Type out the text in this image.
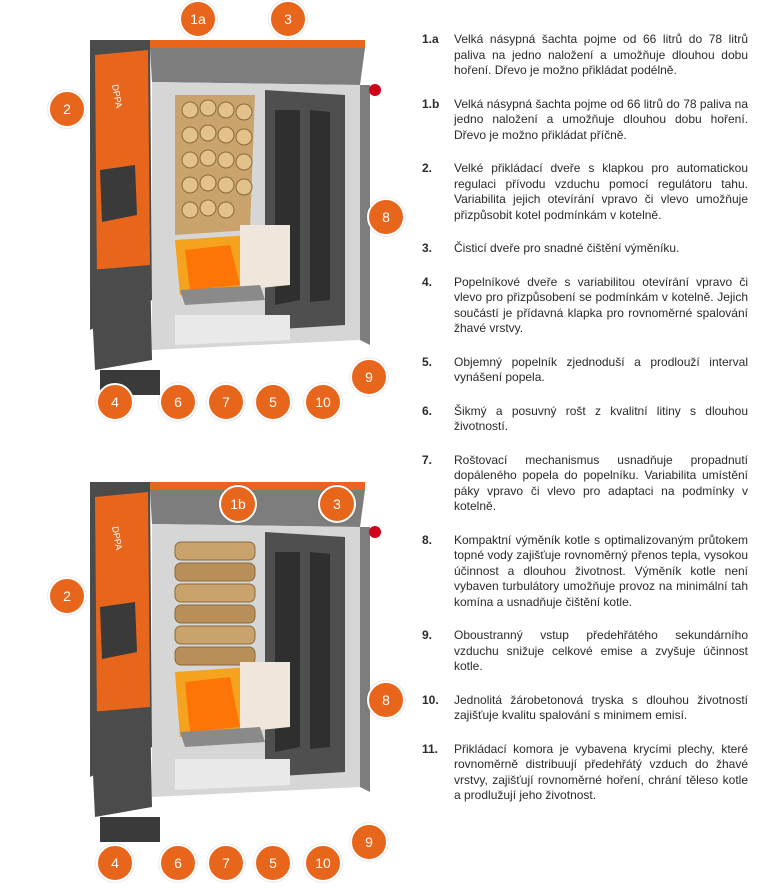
DPPA
1a
2
3
4	5
6	7
8
9
10
DPPA
1b
2
3
4	5
6	7
8
9
10
1.a Velká násypná šachta pojme od 66 litrů do 78 litrů paliva na jedno naložení a umožňuje dlouhou dobu hoření. Dřevo je možno přikládat podélně.
1.b Velká násypná šachta pojme od 66 litrů do 78 paliva na jedno naložení a umožňuje dlouhou dobu hoření. Dřevo je možno přikládat příčně.
2. Velké přikládací dveře s klapkou pro automatickou regulaci přívodu vzduchu pomocí regulátoru tahu. Variabilita jejich otevírání vpravo či vlevo umožňuje přizpůsobit kotel podmínkám v kotelně.
3. Čisticí dveře pro snadné čištění výměníku.
4. Popelníkové dveře s variabilitou otevírání vpravo či vlevo pro přizpůsobení se podmínkám v kotelně. Jejich součástí je přídavná klapka pro rovnoměrné spalování žhavé vrstvy.
5. Objemný popelník zjednoduší a prodlouží interval vynášení popela.
6. Šikmý a posuvný rošt z kvalitní litiny s dlouhou životností.
7. Roštovací mechanismus usnadňuje propadnutí dopáleného popela do popelníku. Variabilita umístění páky vpravo či vlevo pro adaptaci na podmínky v kotelně.
8. Kompaktní výměník kotle s optimalizovaným průtokem topné vody zajišťuje rovnoměrný přenos tepla, vysokou účinnost a dlouhou životnost. Výměník kotle není vybaven turbulátory umožňuje provoz na minimální tah komína a usnadňuje čištění kotle.
9. Oboustranný vstup předehřátého sekundárního vzduchu snižuje celkové emise a zvyšuje účinnost kotle.
10. Jednolitá žárobetonová tryska s dlouhou životností zajišťuje kvalitu spalování s minimem emisí.
11. Přikládací komora je vybavena krycími plechy, které rovnoměrně distribuují předehřátý vzduch do žhavé vrstvy, zajišťují rovnoměrné hoření, chrání těleso kotle a prodlužují jeho životnost.
